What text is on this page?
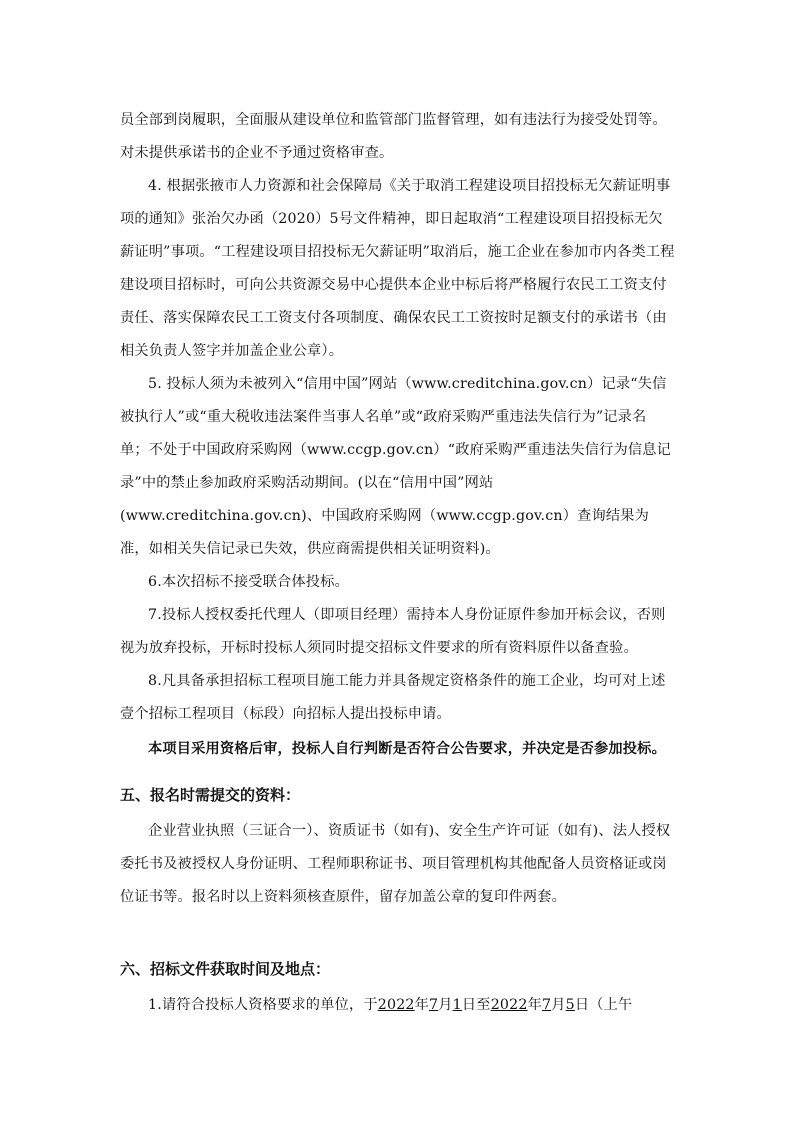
员全部到岗履职，全面服从建设单位和监管部门监督管理，如有违法行为接受处罚等。对未提供承诺书的企业不予通过资格审查。

4. 根据张掖市人力资源和社会保障局《关于取消工程建设项目招投标无欠薪证明事项的通知》张治欠办函（2020）5号文件精神，即日起取消“工程建设项目招投标无欠薪证明”事项。“工程建设项目招投标无欠薪证明”取消后，施工企业在参加市内各类工程建设项目招标时，可向公共资源交易中心提供本企业中标后将严格履行农民工工资支付责任、落实保障农民工工资支付各项制度、确保农民工工资按时足额支付的承诺书（由相关负责人签字并加盖企业公章）。

5. 投标人须为未被列入“信用中国”网站（www.creditchina.gov.cn）记录“失信被执行人”或“重大税收违法案件当事人名单”或“政府采购严重违法失信行为”记录名单；不处于中国政府采购网（www.ccgp.gov.cn）“政府采购严重违法失信行为信息记录”中的禁止参加政府采购活动期间。(以在“信用中国”网站

(www.creditchina.gov.cn)、中国政府采购网（www.ccgp.gov.cn）查询结果为准，如相关失信记录已失效，供应商需提供相关证明资料)。

6.本次招标不接受联合体投标。

7.投标人授权委托代理人（即项目经理）需持本人身份证原件参加开标会议，否则视为放弃投标，开标时投标人须同时提交招标文件要求的所有资料原件以备查验。

8.凡具备承担招标工程项目施工能力并具备规定资格条件的施工企业，均可对上述壹个招标工程项目（标段）向招标人提出投标申请。

本项目采用资格后审，投标人自行判断是否符合公告要求，并决定是否参加投标。

五、报名时需提交的资料：

企业营业执照（三证合一）、资质证书（如有)、安全生产许可证（如有)、法人授权委托书及被授权人身份证明、工程师职称证书、项目管理机构其他配备人员资格证或岗位证书等。报名时以上资料须核查原件，留存加盖公章的复印件两套。

六、招标文件获取时间及地点：

1.请符合投标人资格要求的单位，于2022年7月1日至2022年7月5日（上午
